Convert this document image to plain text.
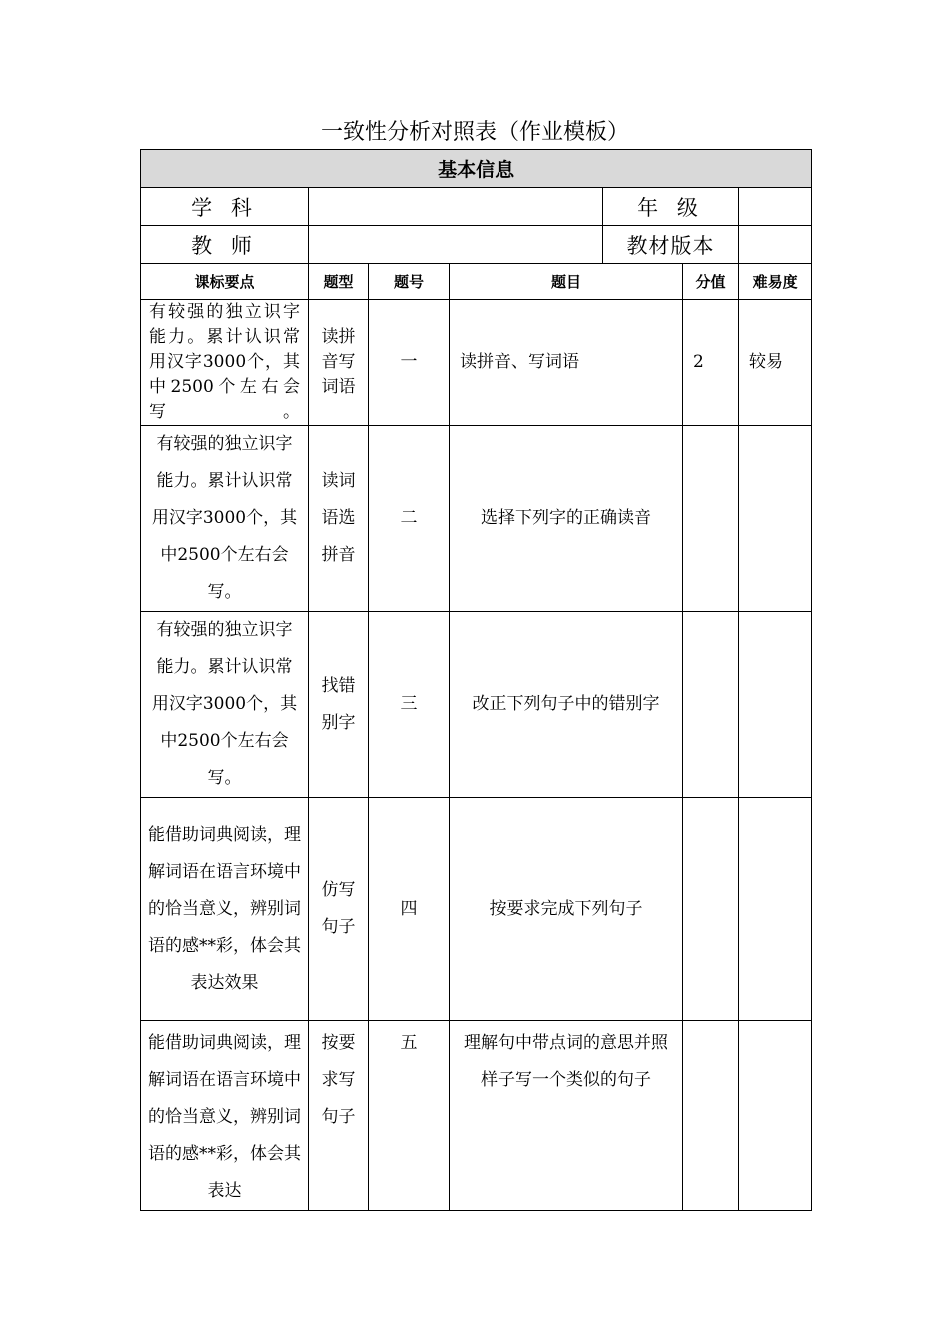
一致性分析对照表（作业模板）
基本信息						
学 科				年 级		
教 师				教材版本		
课标要点	题型	题号	题目		分值	难易度
有较强的独立识字能力。累计认识常用汉字3000个，其中2500个左右会写。	读拼音写词语	一	读拼音、写词语		2	较易
有较强的独立识字能力。累计认识常用汉字3000个，其中2500个左右会写。	读词语选拼音	二	选择下列字的正确读音			
有较强的独立识字能力。累计认识常用汉字3000个，其中2500个左右会写。	找错别字	三	改正下列句子中的错别字			
能借助词典阅读，理解词语在语言环境中的恰当意义，辨别词语的感**彩，体会其表达效果	仿写句子	四	按要求完成下列句子			
能借助词典阅读，理解词语在语言环境中的恰当意义，辨别词语的感**彩，体会其表达	按要求写句子	五	理解句中带点词的意思并照样子写一个类似的句子			
